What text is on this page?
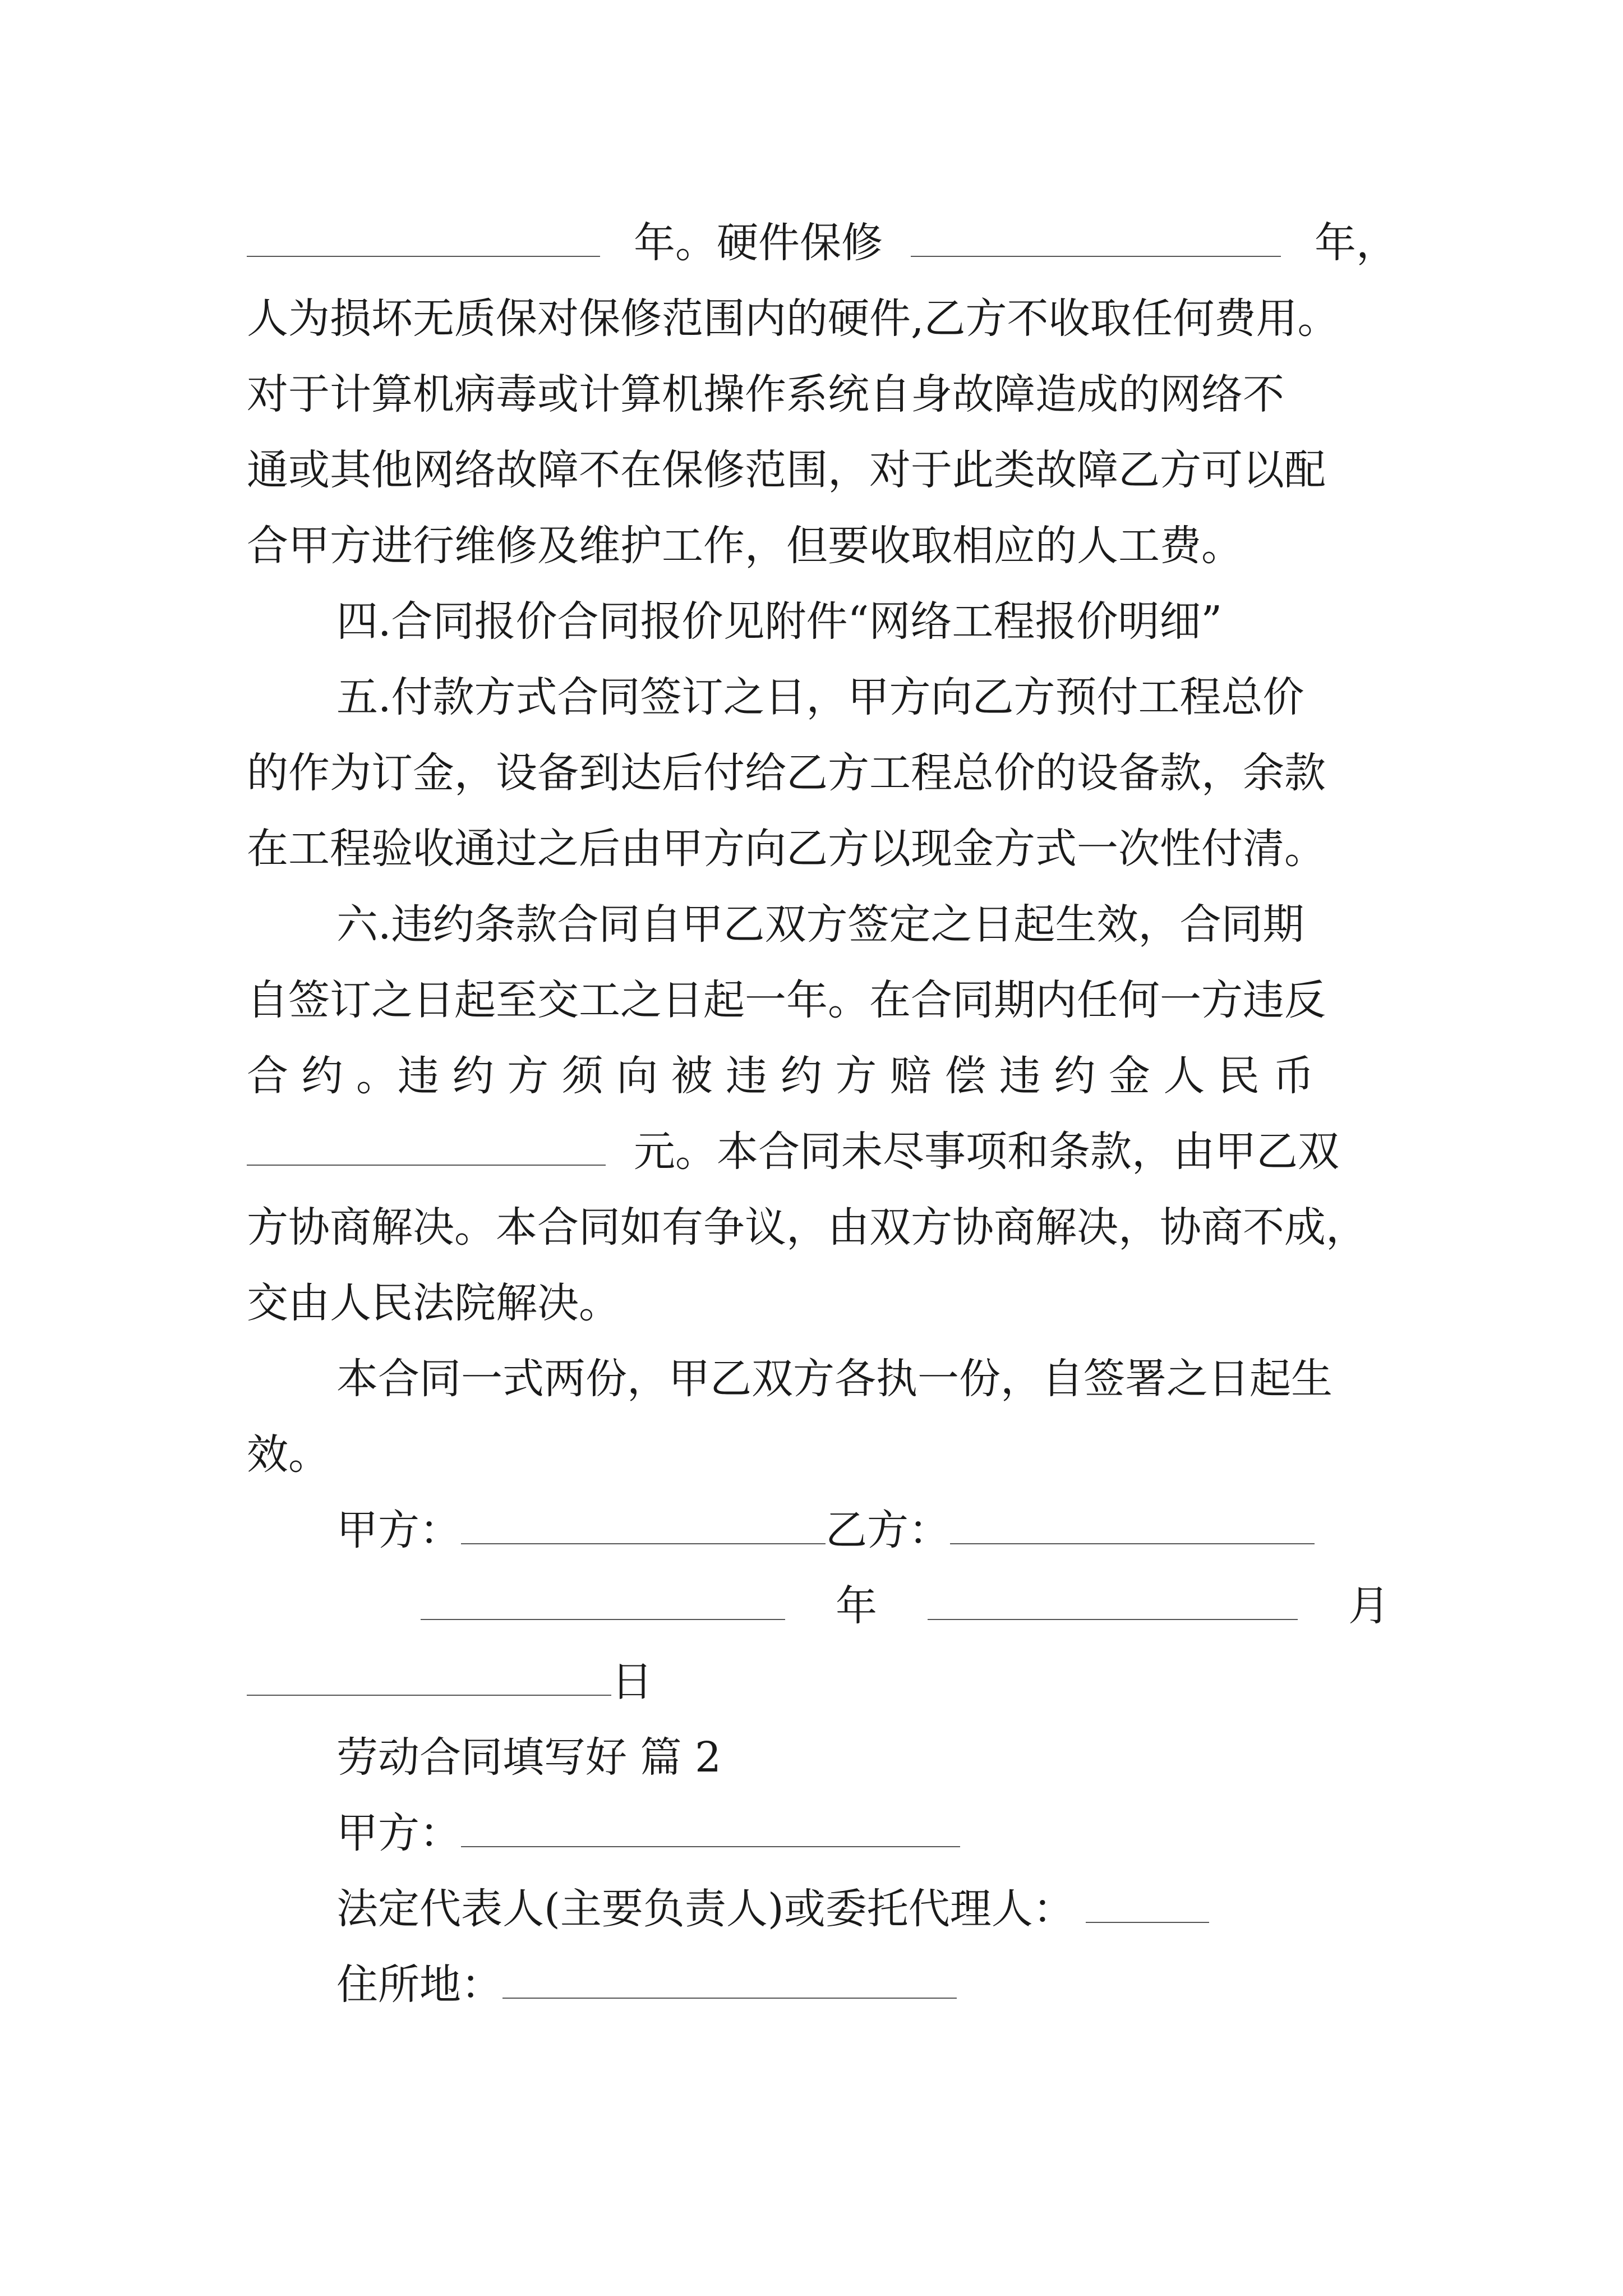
年。硬件保修	年，
人为损坏无质保对保修范围内的硬件,乙方不收取任何费用。
对于计算机病毒或计算机操作系统自身故障造成的网络不
通或其他网络故障不在保修范围，对于此类故障乙方可以配
合甲方进行维修及维护工作，但要收取相应的人工费。
四.合同报价合同报价见附件“网络工程报价明细”
五.付款方式合同签订之日，甲方向乙方预付工程总价
的作为订金，设备到达后付给乙方工程总价的设备款，余款
在工程验收通过之后由甲方向乙方以现金方式一次性付清。
六.违约条款合同自甲乙双方签定之日起生效，合同期
自签订之日起至交工之日起一年。在合同期内任何一方违反
合 约 。违 约 方 须 向 被 违 约 方 赔 偿 违 约 金 人 民 币
元。本合同未尽事项和条款，由甲乙双
方协商解决。本合同如有争议，由双方协商解决，协商不成，
交由人民法院解决。
本合同一式两份，甲乙双方各执一份，自签署之日起生
效。
甲方：	乙方：
年	月
日
劳动合同填写好 篇 2
甲方：
法定代表人(主要负责人)或委托代理人：
住所地：
